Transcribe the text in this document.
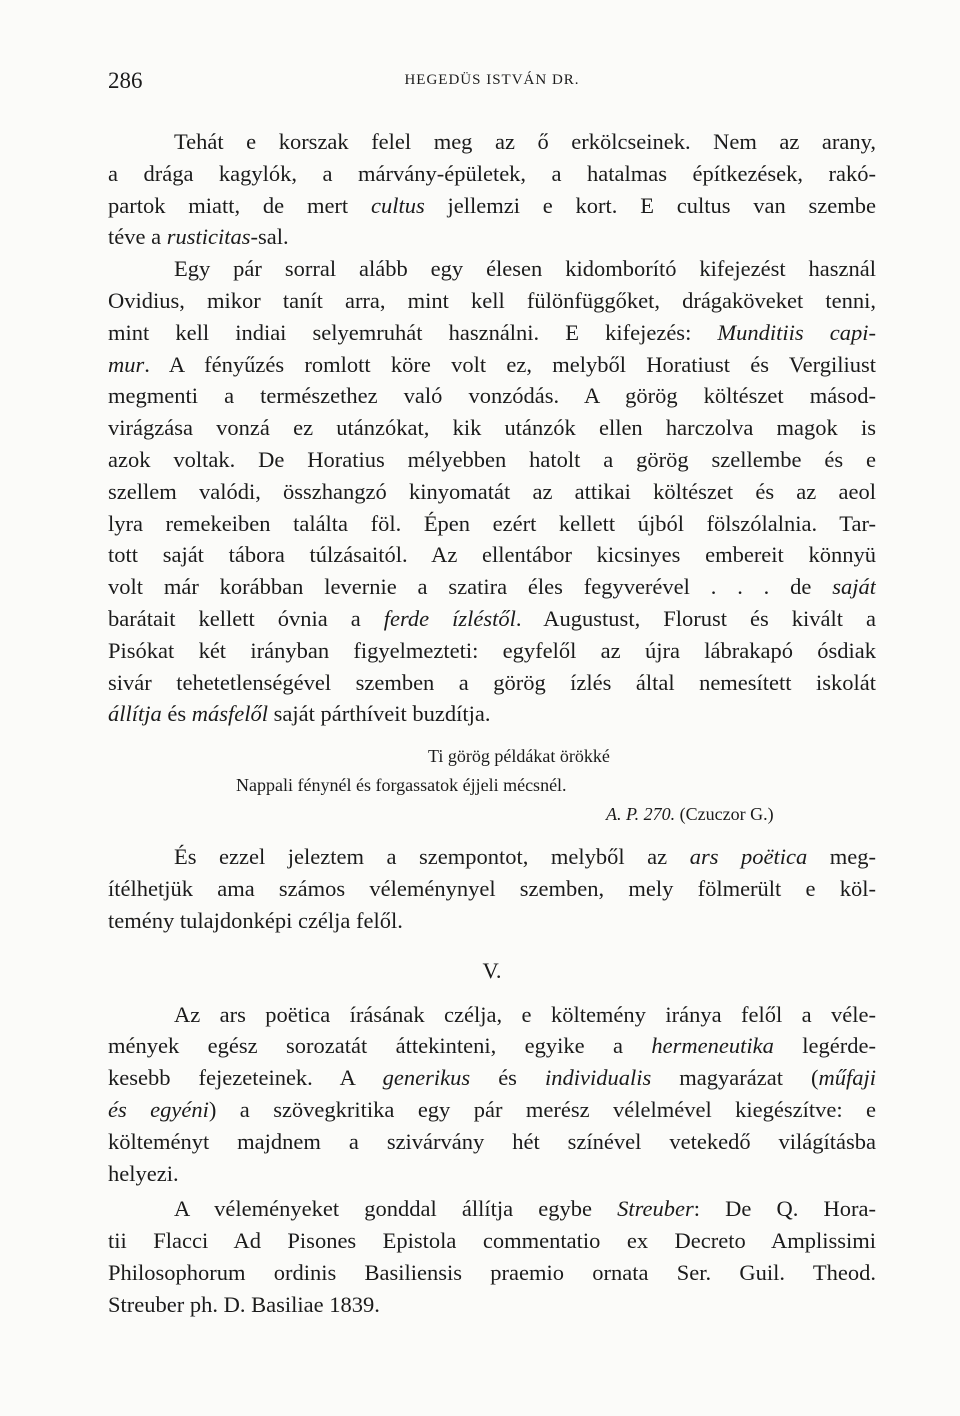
286	HEGEDÜS ISTVÁN DR.
Tehát e korszak felel meg az ő erkölcseinek. Nem az arany,
a drága kagylók, a márvány-épületek, a hatalmas építkezések, rakó-
partok miatt, de mert cultus jellemzi e kort. E cultus van szembe
téve a rusticitas-sal.
Egy pár sorral alább egy élesen kidomborító kifejezést használ
Ovidius, mikor tanít arra, mint kell fülönfüggőket, drágaköveket tenni,
mint kell indiai selyemruhát használni. E kifejezés: Munditiis capi-
mur. A fényűzés romlott köre volt ez, melyből Horatiust és Vergiliust
megmenti a természethez való vonzódás. A görög költészet másod-
virágzása vonzá ez utánzókat, kik utánzók ellen harczolva magok is
azok voltak. De Horatius mélyebben hatolt a görög szellembe és e
szellem valódi, összhangzó kinyomatát az attikai költészet és az aeol
lyra remekeiben találta föl. Épen ezért kellett újból fölszólalnia. Tar-
tott saját tábora túlzásaitól. Az ellentábor kicsinyes embereit könnyü
volt már korábban levernie a szatira éles fegyverével . . . de saját
barátait kellett óvnia a ferde ízléstől. Augustust, Florust és kivált a
Pisókat két irányban figyelmezteti: egyfelől az újra lábrakapó ósdiak
sivár tehetetlenségével szemben a görög ízlés által nemesített iskolát
állítja és másfelől saját párthíveit buzdítja.
Ti görög példákat örökké
Nappali fénynél és forgassatok éjjeli mécsnél.
A. P. 270. (Czuczor G.)
És ezzel jeleztem a szempontot, melyből az ars poëtica meg-
ítélhetjük ama számos véleménynyel szemben, mely fölmerült e köl-
temény tulajdonképi czélja felől.
V.
Az ars poëtica írásának czélja, e költemény iránya felől a véle-
mények egész sorozatát áttekinteni, egyike a hermeneutika legérde-
kesebb fejezeteinek. A generikus és individualis magyarázat (műfaji
és egyéni) a szövegkritika egy pár merész vélelmével kiegészítve: e
költeményt majdnem a szivárvány hét színével vetekedő világításba
helyezi.
A véleményeket gonddal állítja egybe Streuber: De Q. Hora-
tii Flacci Ad Pisones Epistola commentatio ex Decreto Amplissimi
Philosophorum ordinis Basiliensis praemio ornata Ser. Guil. Theod.
Streuber ph. D. Basiliae 1839.
